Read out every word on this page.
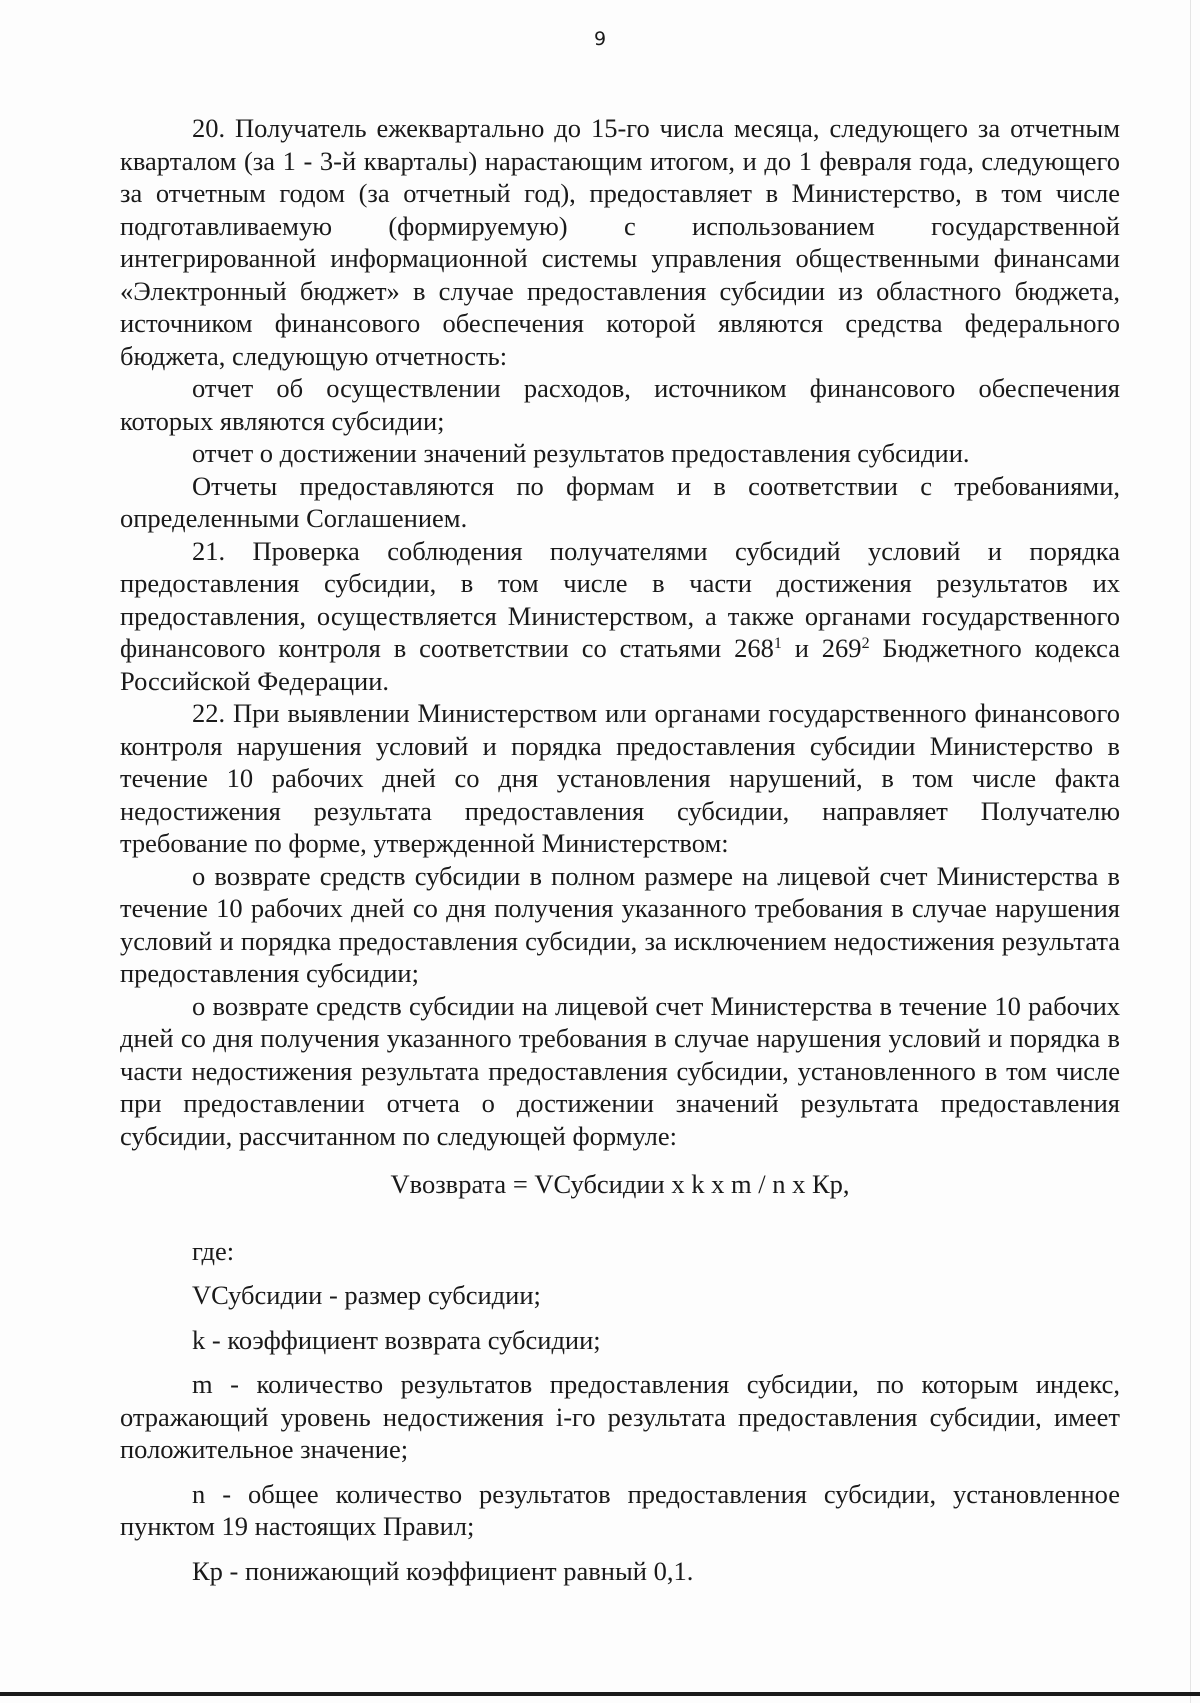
9

20. Получатель ежеквартально до 15-го числа месяца, следующего за отчетным кварталом (за 1 - 3-й кварталы) нарастающим итогом, и до 1 февраля года, следующего за отчетным годом (за отчетный год), предоставляет в Министерство, в том числе подготавливаемую (формируемую) с использованием государственной интегрированной информационной системы управления общественными финансами «Электронный бюджет» в случае предоставления субсидии из областного бюджета, источником финансового обеспечения которой являются средства федерального бюджета, следующую отчетность:

отчет об осуществлении расходов, источником финансового обеспечения которых являются субсидии;

отчет о достижении значений результатов предоставления субсидии.

Отчеты предоставляются по формам и в соответствии с требованиями, определенными Соглашением.

21. Проверка соблюдения получателями субсидий условий и порядка предоставления субсидии, в том числе в части достижения результатов их предоставления, осуществляется Министерством, а также органами государственного финансового контроля в соответствии со статьями $268^1$ и $269^2$ Бюджетного кодекса Российской Федерации.

22. При выявлении Министерством или органами государственного финансового контроля нарушения условий и порядка предоставления субсидии Министерство в течение 10 рабочих дней со дня установления нарушений, в том числе факта недостижения результата предоставления субсидии, направляет Получателю требование по форме, утвержденной Министерством:

о возврате средств субсидии в полном размере на лицевой счет Министерства в течение 10 рабочих дней со дня получения указанного требования в случае нарушения условий и порядка предоставления субсидии, за исключением недостижения результата предоставления субсидии;

о возврате средств субсидии на лицевой счет Министерства в течение 10 рабочих дней со дня получения указанного требования в случае нарушения условий и порядка в части недостижения результата предоставления субсидии, установленного в том числе при предоставлении отчета о достижении значений результата предоставления субсидии, рассчитанном по следующей формуле:

Vвозврата = VСубсидии x k x m / n x Кр,

где:

VСубсидии - размер субсидии;

k - коэффициент возврата субсидии;

m - количество результатов предоставления субсидии, по которым индекс, отражающий уровень недостижения i-го результата предоставления субсидии, имеет положительное значение;

n - общее количество результатов предоставления субсидии, установленное пунктом 19 настоящих Правил;

Кр - понижающий коэффициент равный 0,1.
